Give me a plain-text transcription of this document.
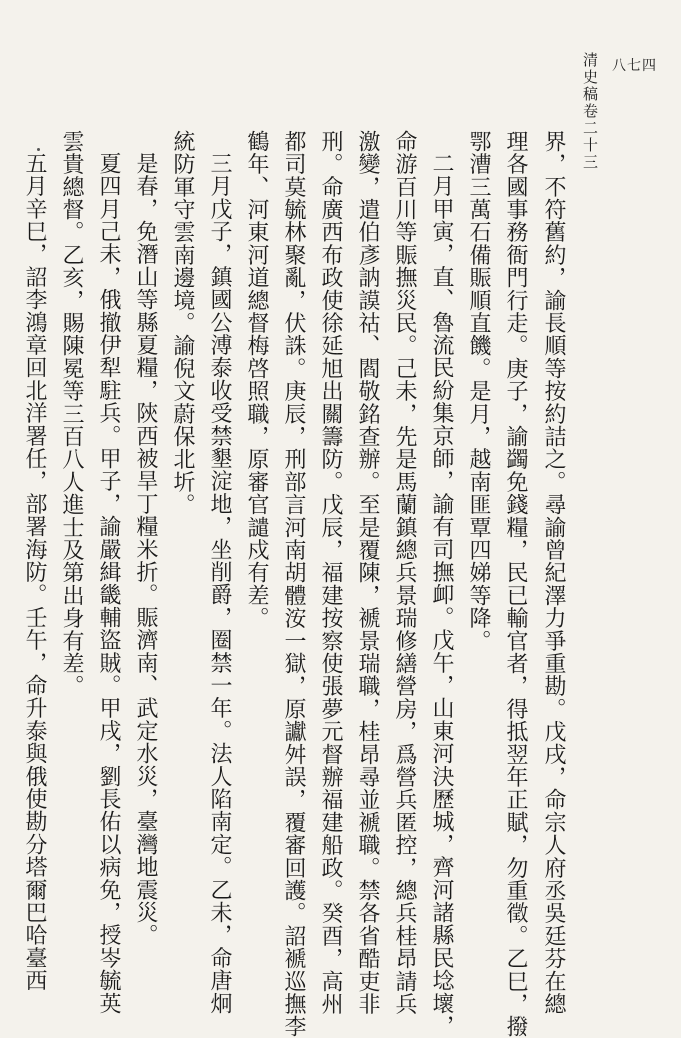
八七四
清史稿卷二十三
界，不符舊約，諭長順等按約詰之。尋諭曾紀澤力爭重勘。戊戌，命宗人府丞吳廷芬在總
理各國事務衙門行走。庚子，諭蠲免錢糧，民已輸官者，得抵翌年正賦，勿重徵。乙巳，撥
鄂漕三萬石備賑順直饑。是月，越南匪覃四娣等降。
二月甲寅，直、魯流民紛集京師，諭有司撫卹。戊午，山東河決歷城，齊河諸縣民埝壞，
命游百川等賑撫災民。己未，先是馬蘭鎮總兵景瑞修繕營房，爲營兵匿控，總兵桂昂請兵
激變，遣伯彥訥謨祜、閻敬銘查辦。至是覆陳，褫景瑞職，桂昂尋並褫職。禁各省酷吏非
刑。命廣西布政使徐延旭出關籌防。戊辰，福建按察使張夢元督辦福建船政。癸酉，高州
都司莫毓林聚亂，伏誅。庚辰，刑部言河南胡體洝一獄，原讞舛誤，覆審回護。詔褫巡撫李
鶴年、河東河道總督梅啓照職，原審官譴戍有差。
三月戊子，鎮國公溥泰收受禁墾淀地，坐削爵，圈禁一年。法人陷南定。乙未，命唐炯
統防軍守雲南邊境。諭倪文蔚保北圻。
是春，免潛山等縣夏糧，陝西被旱丁糧米折。賑濟南、武定水災，臺灣地震災。
夏四月己未，俄撤伊犁駐兵。甲子，諭嚴緝畿輔盜賊。甲戌，劉長佑以病免，授岑毓英
雲貴總督。乙亥，賜陳冕等三百八人進士及第出身有差。
五月辛巳，詔李鴻章回北洋署任，部署海防。壬午，命升泰與俄使勘分塔爾巴哈臺西
